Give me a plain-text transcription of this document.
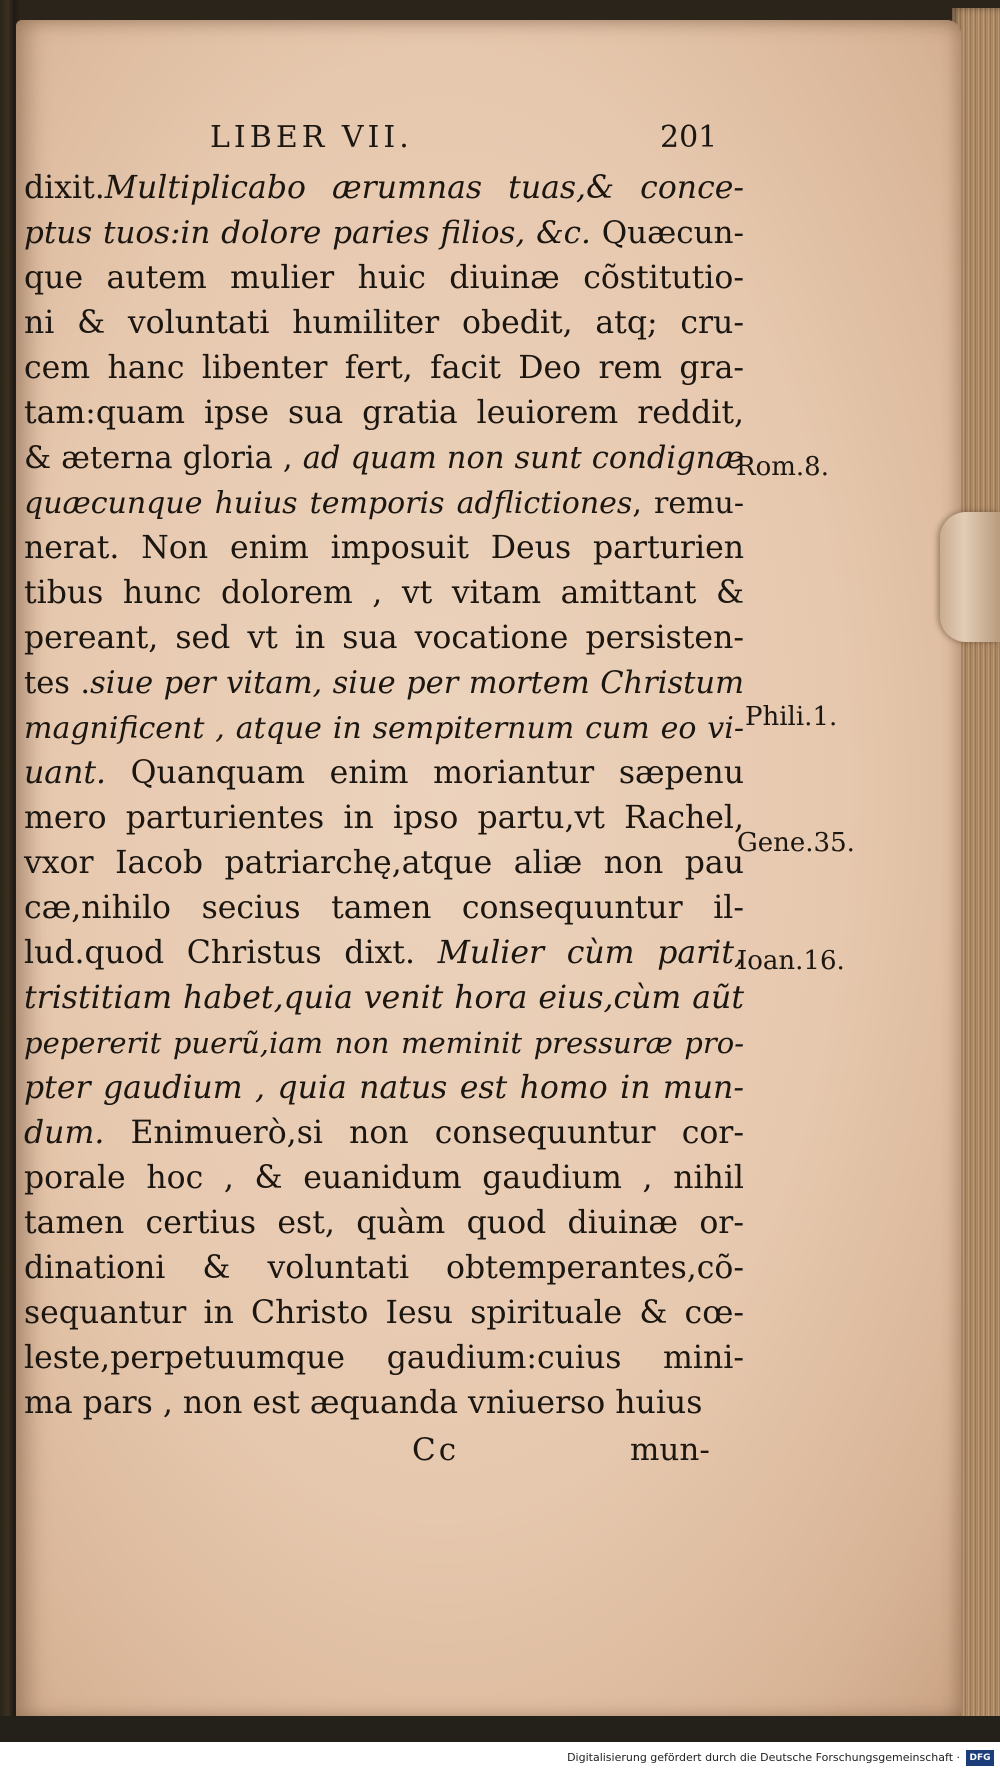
LIBER VII.	201
dixit.Multiplicabo ærumnas tuas,& conce-
ptus tuos:in dolore paries filios, &c. Quæcun-
que autem mulier huic diuinæ cõstitutio-
ni & voluntati humiliter obedit, atq; cru-
cem hanc libenter fert, facit Deo rem gra-
tam:quam ipse sua gratia leuiorem reddit,
& æterna gloria , ad quam non sunt condignæ
quæcunque huius temporis adflictiones, remu-
nerat. Non enim imposuit Deus parturien
tibus hunc dolorem , vt vitam amittant &
pereant, sed vt in sua vocatione persisten-
tes .siue per vitam, siue per mortem Christum
magnificent , atque in sempiternum cum eo vi-
uant. Quanquam enim moriantur sæpenu
mero parturientes in ipso partu,vt Rachel,
vxor Iacob patriarchę,atque aliæ non pau
cæ,nihilo secius tamen consequuntur il-
lud.quod Christus dixt. Mulier cùm parit,
tristitiam habet,quia venit hora eius,cùm aũt
pepererit puerũ,iam non meminit pressuræ pro-
pter gaudium , quia natus est homo in mun-
dum. Enimuerò,si non consequuntur cor-
porale hoc , & euanidum gaudium , nihil
tamen certius est, quàm quod diuinæ or-
dinationi & voluntati obtemperantes,cõ-
sequantur in Christo Iesu spirituale & cœ-
leste,perpetuumque gaudium:cuius mini-
ma pars , non est æquanda vniuerso huius
Rom.8.
Phili.1.
Gene.35.
Ioan.16.
Cc	mun-
Digitalisierung gefördert durch die Deutsche Forschungsgemeinschaft ·	DFG
